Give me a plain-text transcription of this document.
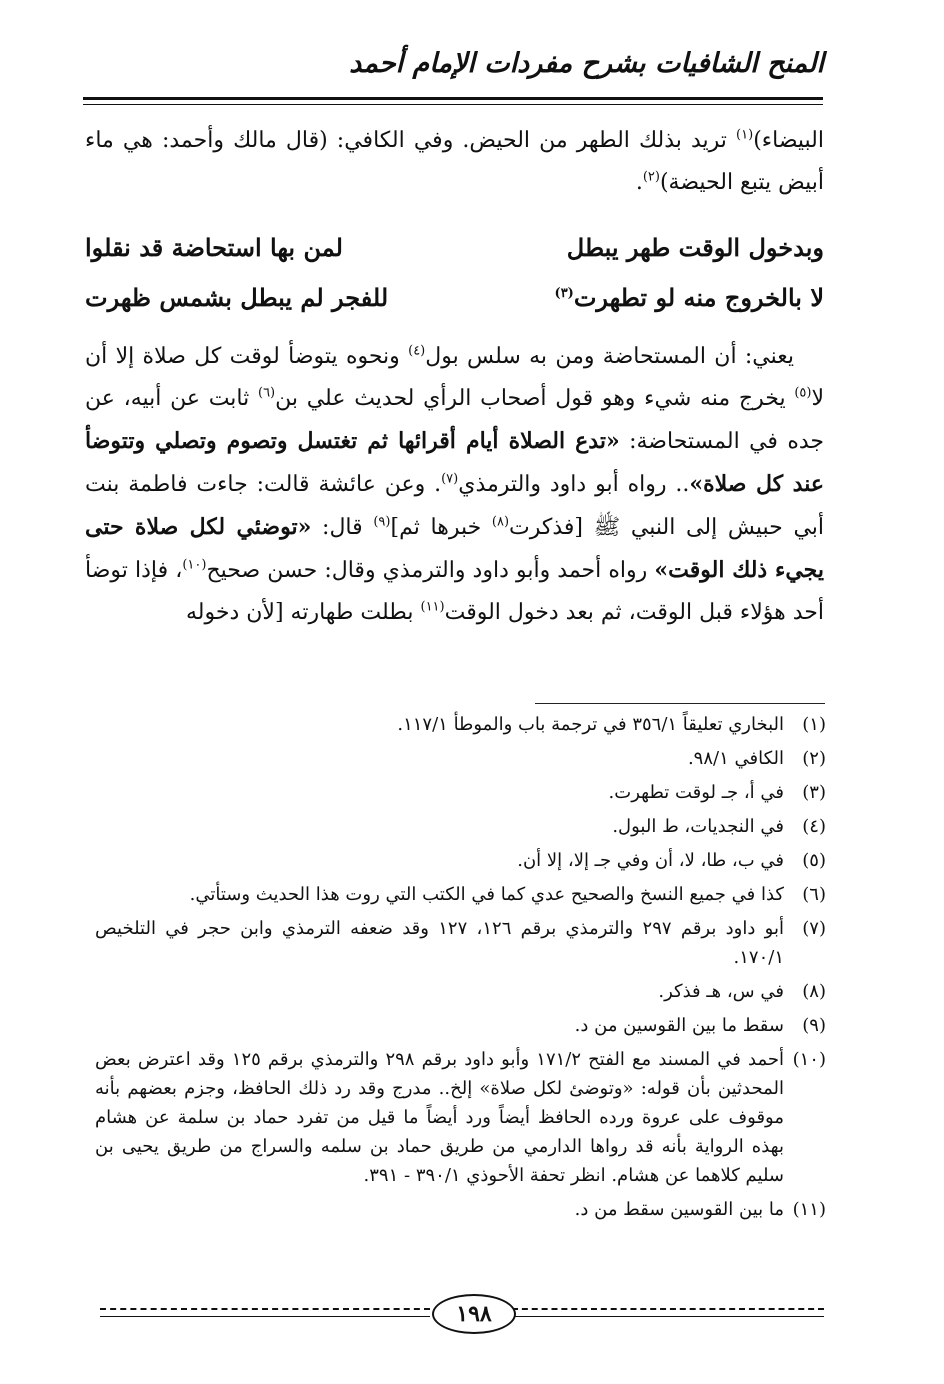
المنح الشافيات بشرح مفردات الإمام أحمد

البيضاء)$^{(١)}$ تريد بذلك الطهر من الحيض. وفي الكافي: (قال مالك وأحمد: هي ماء أبيض يتبع الحيضة)$^{(٢)}$.

وبدخول الوقت طهر يبطل
لمن بها استحاضة قد نقلوا
لا بالخروج منه لو تطهرت$^{(٣)}$
للفجر لم يبطل بشمس ظهرت

يعني: أن المستحاضة ومن به سلس بول$^{(٤)}$ ونحوه يتوضأ لوقت كل صلاة إلا أن لا$^{(٥)}$ يخرج منه شيء وهو قول أصحاب الرأي لحديث علي بن$^{(٦)}$ ثابت عن أبيه، عن جده في المستحاضة: «تدع الصلاة أيام أقرائها ثم تغتسل وتصوم وتصلي وتتوضأ عند كل صلاة».. رواه أبو داود والترمذي$^{(٧)}$. وعن عائشة قالت: جاءت فاطمة بنت أبي حبيش إلى النبي ﷺ [فذكرت$^{(٨)}$ خبرها ثم]$^{(٩)}$ قال: «توضئي لكل صلاة حتى يجيء ذلك الوقت» رواه أحمد وأبو داود والترمذي وقال: حسن صحيح$^{(١٠)}$، فإذا توضأ أحد هؤلاء قبل الوقت، ثم بعد دخول الوقت$^{(١١)}$ بطلت طهارته [لأن دخوله

(١)
البخاري تعليقاً ٣٥٦/١ في ترجمة باب والموطأ ١١٧/١.
(٢)
الكافي ٩٨/١.
(٣)
في أ، جـ لوقت تطهرت.
(٤)
في النجديات، ط البول.
(٥)
في ب، طا، لا، أن وفي جـ إلا، إلا أن.
(٦)
كذا في جميع النسخ والصحيح عدي كما في الكتب التي روت هذا الحديث وستأتي.
(٧)
أبو داود برقم ٢٩٧ والترمذي برقم ١٢٦، ١٢٧ وقد ضعفه الترمذي وابن حجر في التلخيص ١٧٠/١.
(٨)
في س، هـ فذكر.
(٩)
سقط ما بين القوسين من د.
(١٠)
أحمد في المسند مع الفتح ١٧١/٢ وأبو داود برقم ٢٩٨ والترمذي برقم ١٢٥ وقد اعترض بعض المحدثين بأن قوله: «وتوضئ لكل صلاة» إلخ.. مدرج وقد رد ذلك الحافظ، وجزم بعضهم بأنه موقوف على عروة ورده الحافظ أيضاً ورد أيضاً ما قيل من تفرد حماد بن سلمة عن هشام بهذه الرواية بأنه قد رواها الدارمي من طريق حماد بن سلمه والسراج من طريق يحيى بن سليم كلاهما عن هشام. انظر تحفة الأحوذي ٣٩٠/١ - ٣٩١.
(١١)
ما بين القوسين سقط من د.
١٩٨
